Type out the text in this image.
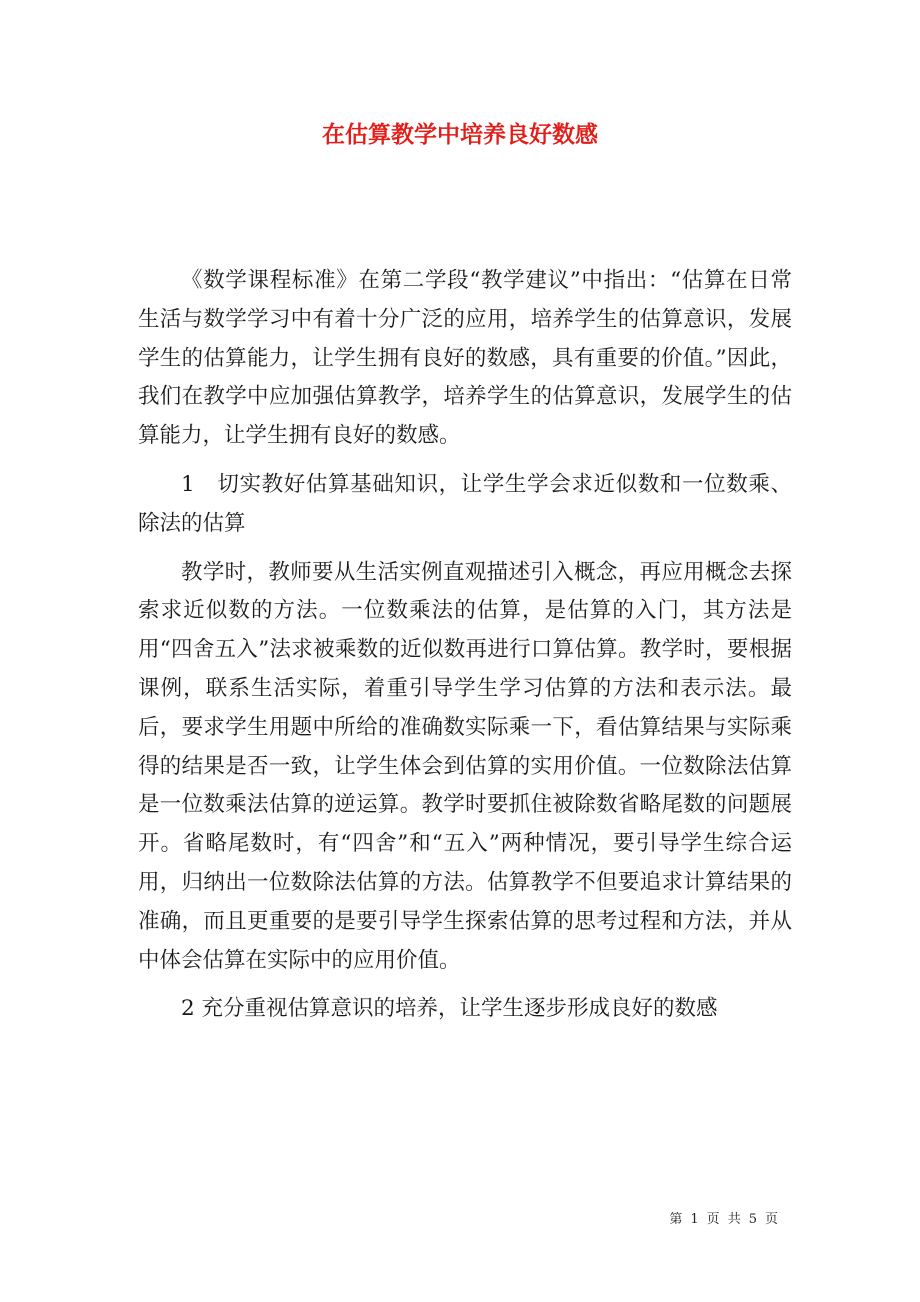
在估算教学中培养良好数感

《数学课程标准》在第二学段“教学建议”中指出：“估算在日常生活与数学学习中有着十分广泛的应用，培养学生的估算意识，发展学生的估算能力，让学生拥有良好的数感，具有重要的价值。”因此，我们在教学中应加强估算教学，培养学生的估算意识，发展学生的估算能力，让学生拥有良好的数感。

1　切实教好估算基础知识，让学生学会求近似数和一位数乘、除法的估算

教学时，教师要从生活实例直观描述引入概念，再应用概念去探索求近似数的方法。一位数乘法的估算，是估算的入门，其方法是用“四舍五入”法求被乘数的近似数再进行口算估算。教学时，要根据课例，联系生活实际，着重引导学生学习估算的方法和表示法。最后，要求学生用题中所给的准确数实际乘一下，看估算结果与实际乘得的结果是否一致，让学生体会到估算的实用价值。一位数除法估算是一位数乘法估算的逆运算。教学时要抓住被除数省略尾数的问题展开。省略尾数时，有“四舍”和“五入”两种情况，要引导学生综合运用，归纳出一位数除法估算的方法。估算教学不但要追求计算结果的准确，而且更重要的是要引导学生探索估算的思考过程和方法，并从中体会估算在实际中的应用价值。

2 充分重视估算意识的培养，让学生逐步形成良好的数感

第 1 页 共 5 页
